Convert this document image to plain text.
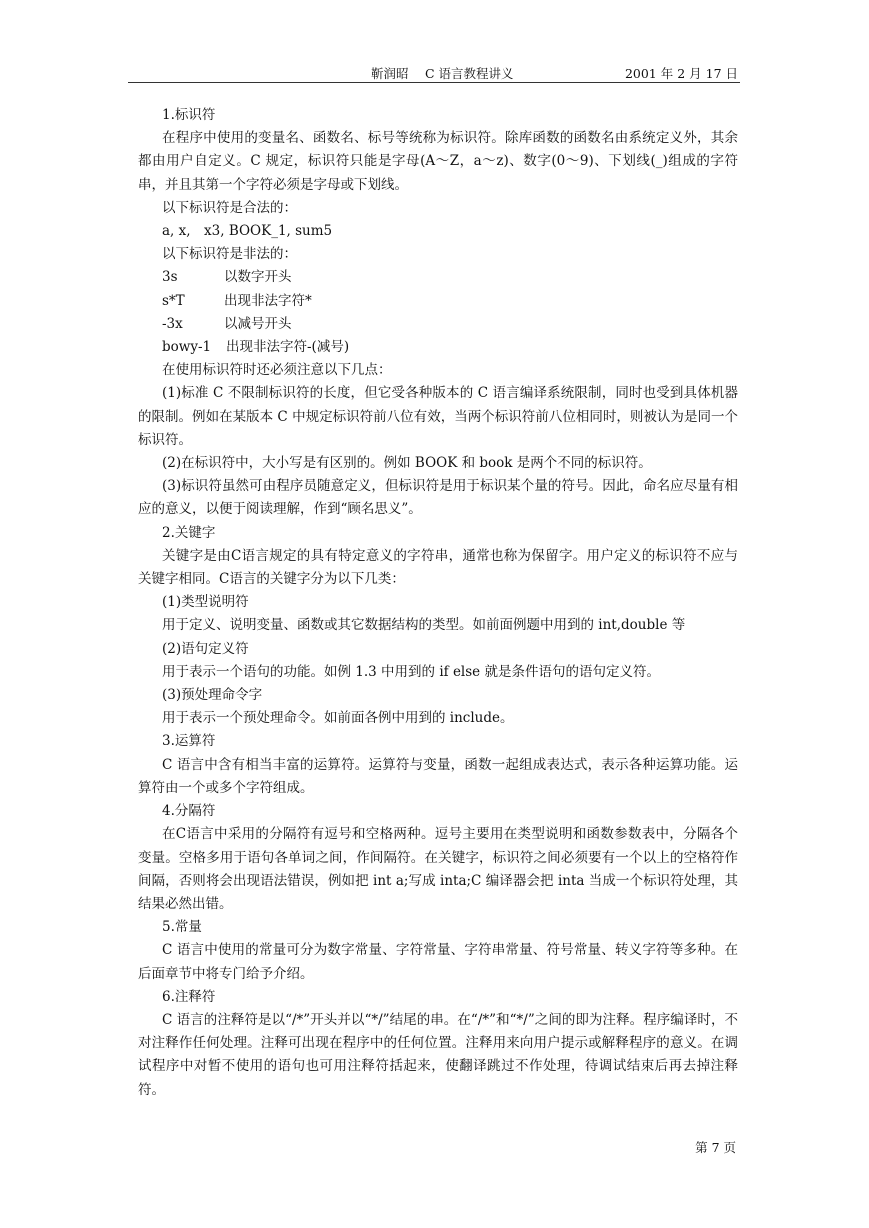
靳润昭　 C 语言教程讲义	2001 年 2 月 17 日

1.标识符

在程序中使用的变量名、函数名、标号等统称为标识符。除库函数的函数名由系统定义外，其余都由用户自定义。C 规定，标识符只能是字母(A～Z，a～z)、数字(0～9)、下划线(_)组成的字符串，并且其第一个字符必须是字母或下划线。

以下标识符是合法的：

a, x,　x3, BOOK_1, sum5

以下标识符是非法的：

3s	以数字开头
s*T	出现非法字符*
-3x	以减号开头
bowy-1	出现非法字符-(减号)

在使用标识符时还必须注意以下几点：

(1)标准 C 不限制标识符的长度，但它受各种版本的 C 语言编译系统限制，同时也受到具体机器的限制。例如在某版本 C 中规定标识符前八位有效，当两个标识符前八位相同时，则被认为是同一个标识符。

(2)在标识符中，大小写是有区别的。例如 BOOK 和 book 是两个不同的标识符。

(3)标识符虽然可由程序员随意定义，但标识符是用于标识某个量的符号。因此，命名应尽量有相应的意义，以便于阅读理解，作到“顾名思义”。

2.关键字

关键字是由C语言规定的具有特定意义的字符串，通常也称为保留字。用户定义的标识符不应与关键字相同。C语言的关键字分为以下几类：

(1)类型说明符

用于定义、说明变量、函数或其它数据结构的类型。如前面例题中用到的 int,double 等

(2)语句定义符

用于表示一个语句的功能。如例 1.3 中用到的 if else 就是条件语句的语句定义符。

(3)预处理命令字

用于表示一个预处理命令。如前面各例中用到的 include。

3.运算符

C 语言中含有相当丰富的运算符。运算符与变量，函数一起组成表达式，表示各种运算功能。运算符由一个或多个字符组成。

4.分隔符

在C语言中采用的分隔符有逗号和空格两种。逗号主要用在类型说明和函数参数表中，分隔各个变量。空格多用于语句各单词之间，作间隔符。在关键字，标识符之间必须要有一个以上的空格符作间隔，否则将会出现语法错误，例如把 int a;写成 inta;C 编译器会把 inta 当成一个标识符处理，其结果必然出错。

5.常量

C 语言中使用的常量可分为数字常量、字符常量、字符串常量、符号常量、转义字符等多种。在后面章节中将专门给予介绍。

6.注释符

C 语言的注释符是以“/*”开头并以“*/”结尾的串。在“/*”和“*/”之间的即为注释。程序编译时，不对注释作任何处理。注释可出现在程序中的任何位置。注释用来向用户提示或解释程序的意义。在调试程序中对暂不使用的语句也可用注释符括起来，使翻译跳过不作处理，待调试结束后再去掉注释符。

第 7 页
